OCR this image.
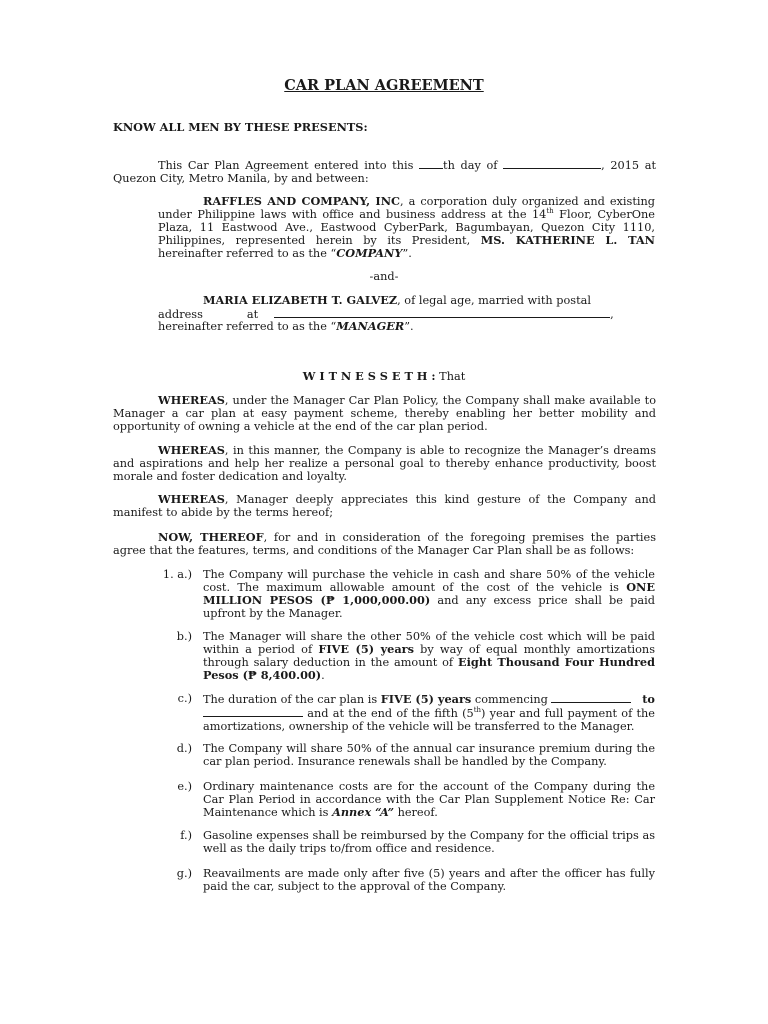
CAR PLAN AGREEMENT
KNOW ALL MEN BY THESE PRESENTS:
This Car Plan Agreement entered into this th day of	, 2015 at Quezon City, Metro Manila, by and between:
RAFFLES AND COMPANY, INC, a corporation duly organized and existing under Philippine laws with office and business address at the 14th Floor, CyberOne Plaza, 11 Eastwood Ave., Eastwood CyberPark, Bagumbayan, Quezon City 1110, Philippines, represented herein by its President, MS. KATHERINE L. TAN hereinafter referred to as the “COMPANY”.
-and-
MARIA ELIZABETH T. GALVEZ, of legal age, married with postal
address	at	,
hereinafter referred to as the “MANAGER”.
W I T N E S S E T H : That
WHEREAS, under the Manager Car Plan Policy, the Company shall make available to Manager a car plan at easy payment scheme, thereby enabling her better mobility and opportunity of owning a vehicle at the end of the car plan period.
WHEREAS, in this manner, the Company is able to recognize the Manager’s dreams and aspirations and help her realize a personal goal to thereby enhance productivity, boost morale and foster dedication and loyalty.
WHEREAS, Manager deeply appreciates this kind gesture of the Company and manifest to abide by the terms hereof;
NOW, THEREOF, for and in consideration of the foregoing premises the parties agree that the features, terms, and conditions of the Manager Car Plan shall be as follows:
1. a.) The Company will purchase the vehicle in cash and share 50% of the vehicle cost. The maximum allowable amount of the cost of the vehicle is ONE MILLION PESOS (₱ 1,000,000.00) and any excess price shall be paid upfront by the Manager.
b.) The Manager will share the other 50% of the vehicle cost which will be paid within a period of FIVE (5) years by way of equal monthly amortizations through salary deduction in the amount of Eight Thousand Four Hundred Pesos (₱ 8,400.00).
c.) The duration of the car plan is FIVE (5) years commencing	to  and at the end of the fifth (5th) year and full payment of the amortizations, ownership of the vehicle will be transferred to the Manager.
d.) The Company will share 50% of the annual car insurance premium during the car plan period. Insurance renewals shall be handled by the Company.
e.) Ordinary maintenance costs are for the account of the Company during the Car Plan Period in accordance with the Car Plan Supplement Notice Re: Car Maintenance which is Annex “A” hereof.
f.) Gasoline expenses shall be reimbursed by the Company for the official trips as well as the daily trips to/from office and residence.
g.) Reavailments are made only after five (5) years and after the officer has fully paid the car, subject to the approval of the Company.
